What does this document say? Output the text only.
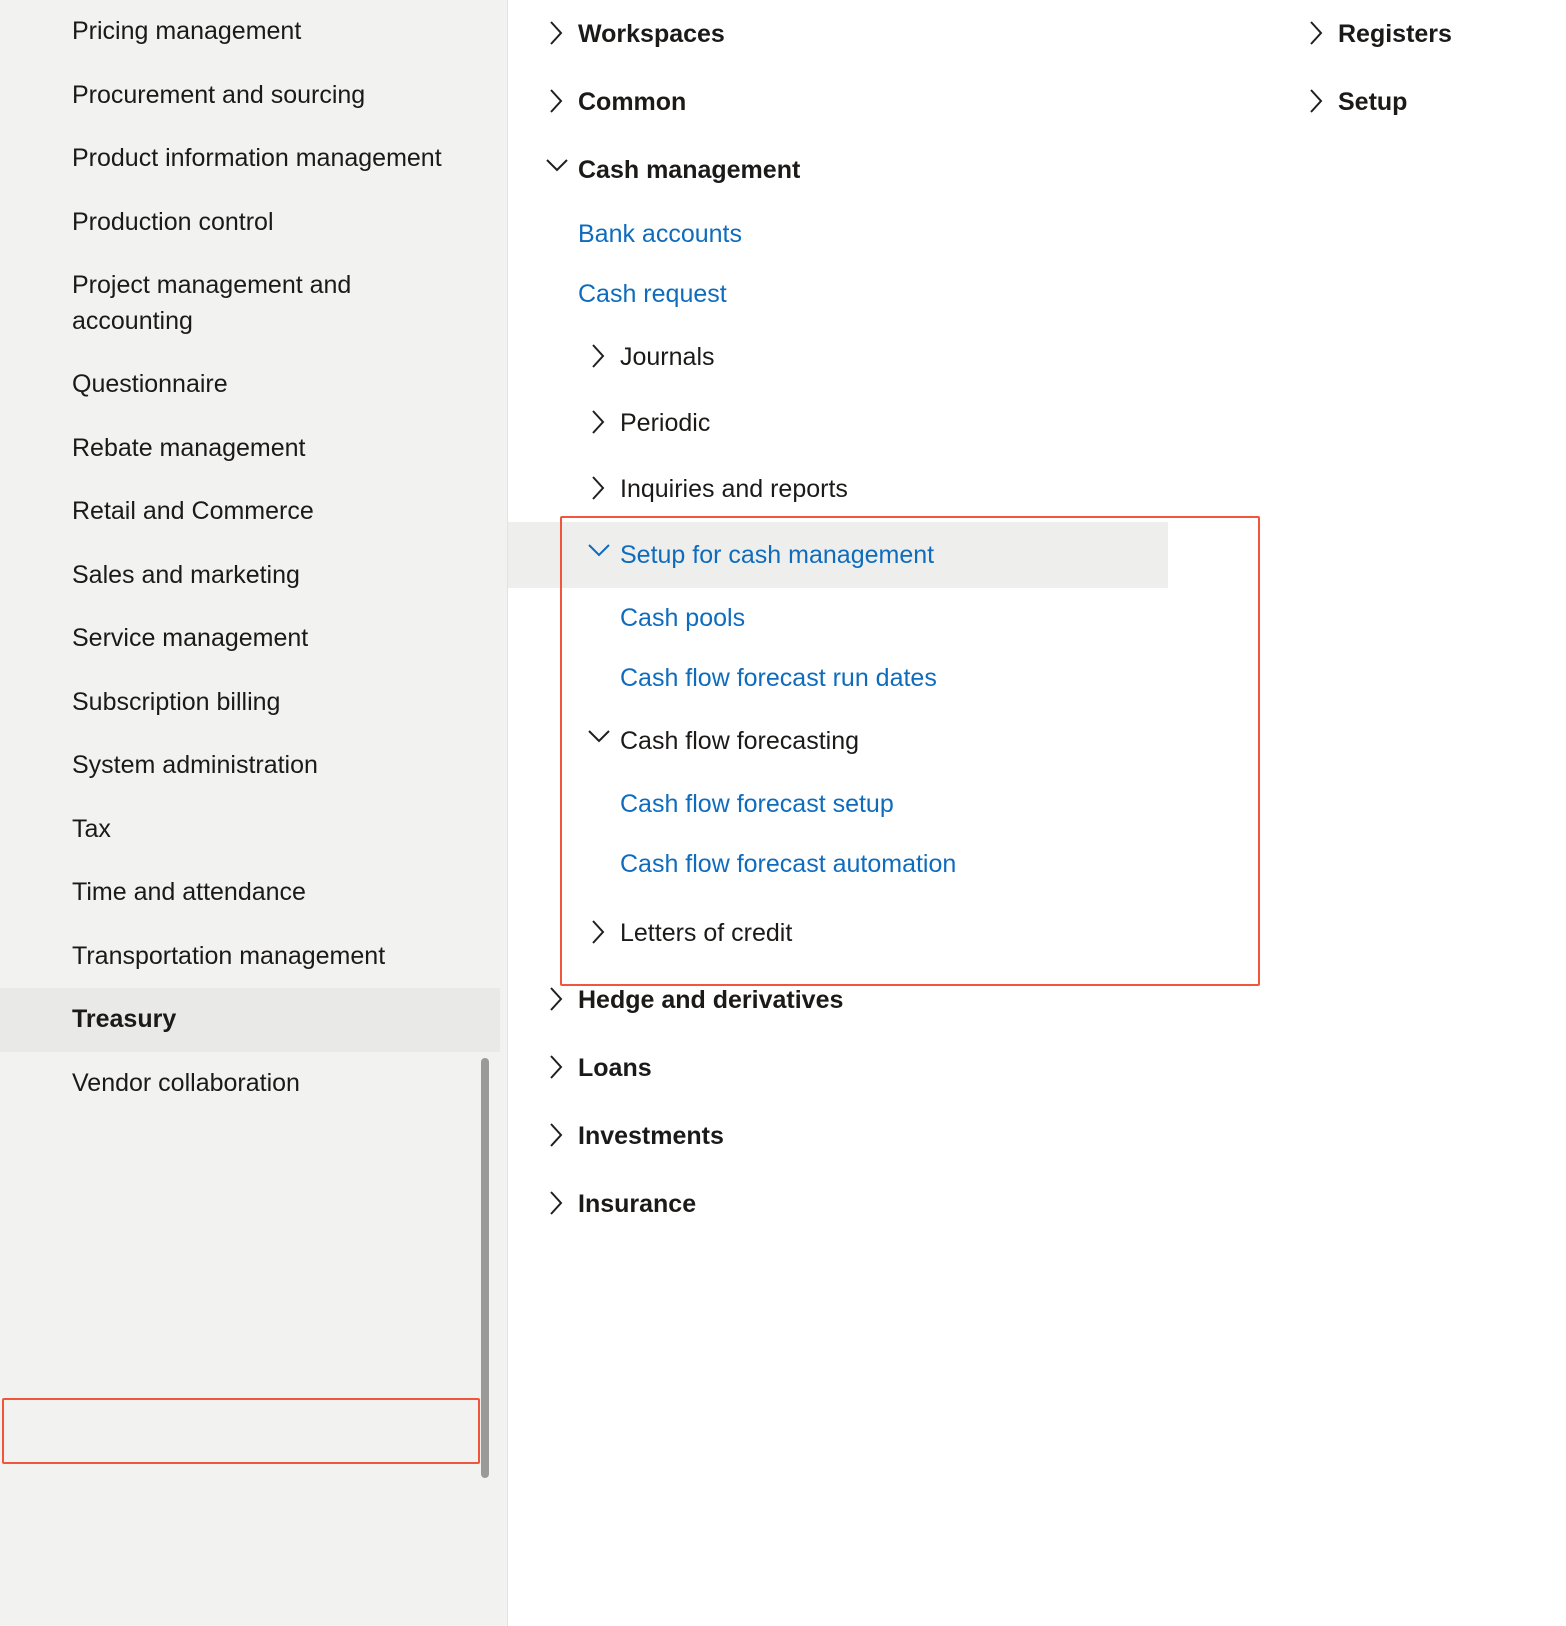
Pricing management
Procurement and sourcing
Product information management
Production control
Project management and accounting
Questionnaire
Rebate management
Retail and Commerce
Sales and marketing
Service management
Subscription billing
System administration
Tax
Time and attendance
Transportation management
Treasury
Vendor collaboration
Workspaces
Common
Cash management
Bank accounts
Cash request
Journals
Periodic
Inquiries and reports
Setup for cash management
Cash pools
Cash flow forecast run dates
Cash flow forecasting
Cash flow forecast setup
Cash flow forecast automation
Letters of credit
Hedge and derivatives
Loans
Investments
Insurance
Registers
Setup
